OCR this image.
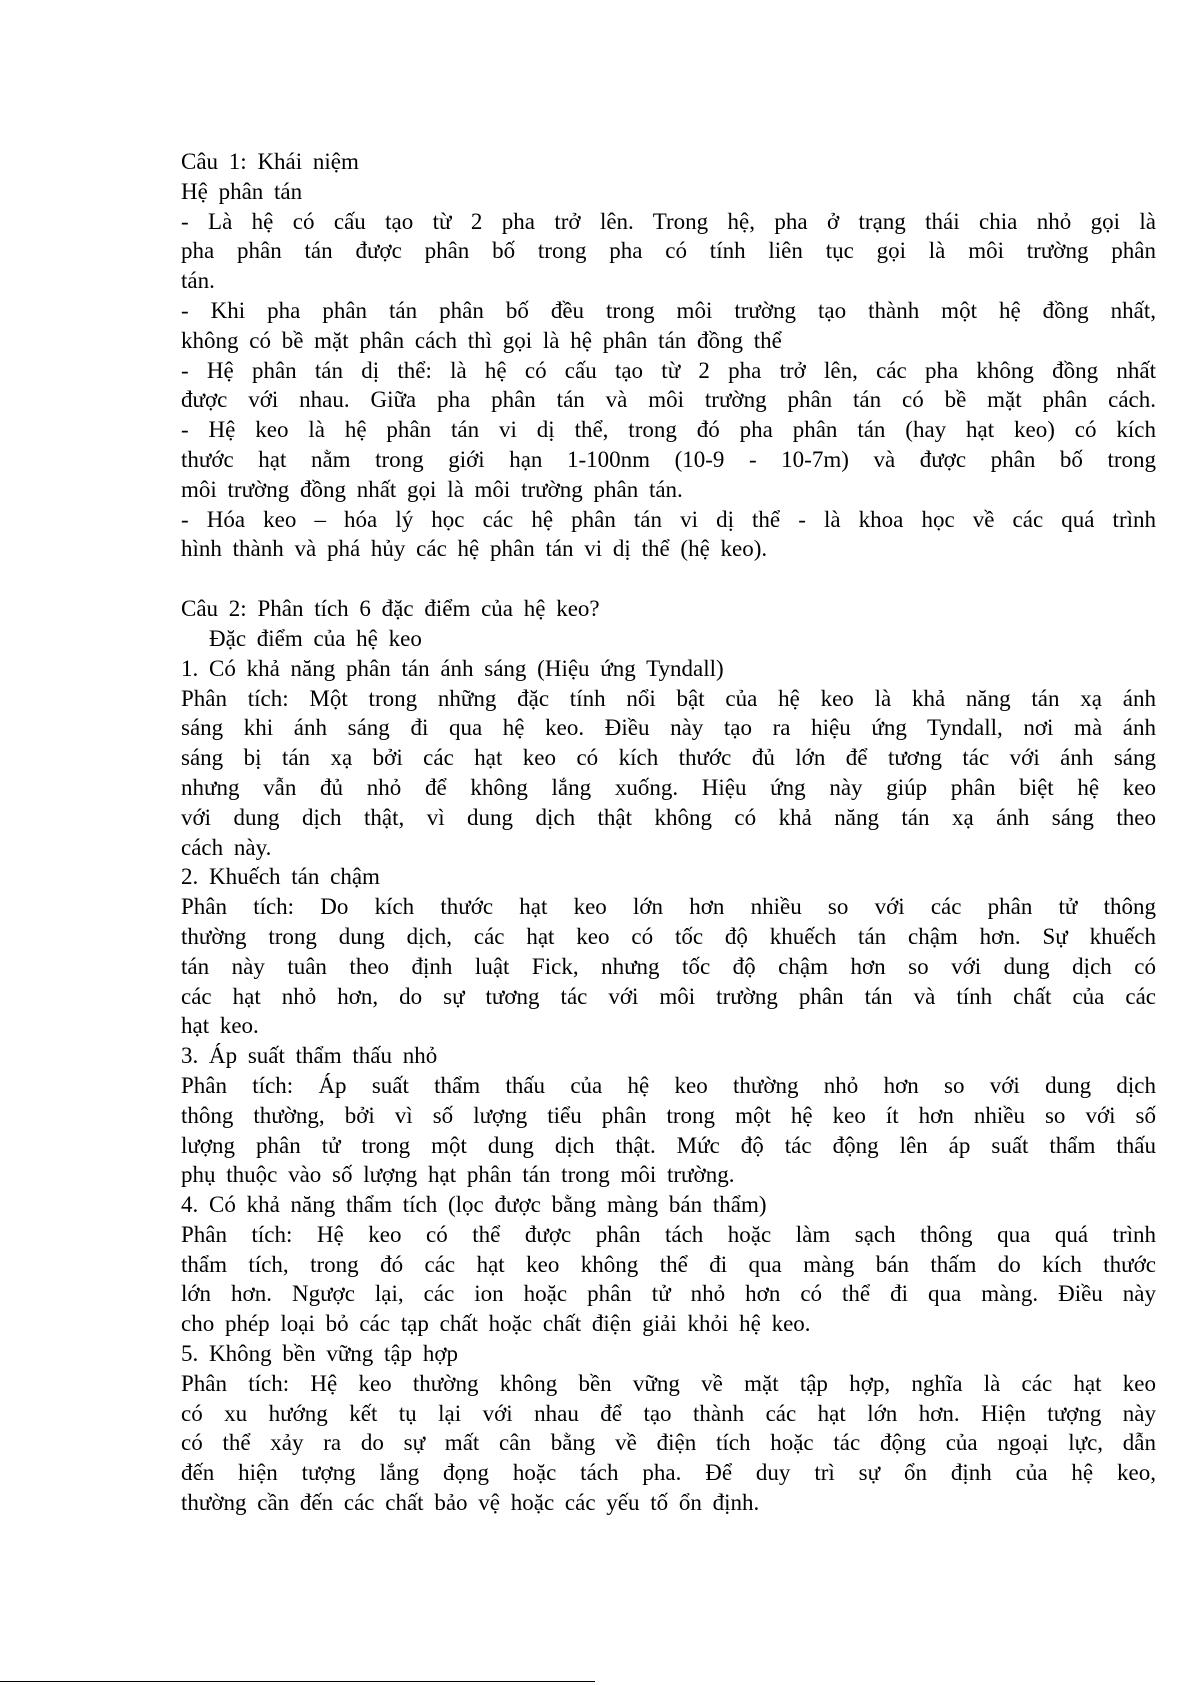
Câu 1: Khái niệm
Hệ phân tán
- Là hệ có cấu tạo từ 2 pha trở lên. Trong hệ, pha ở trạng thái chia nhỏ gọi là
pha phân tán được phân bố trong pha có tính liên tục gọi là môi trường phân
tán.
- Khi pha phân tán phân bố đều trong môi trường tạo thành một hệ đồng nhất,
không có bề mặt phân cách thì gọi là hệ phân tán đồng thể
- Hệ phân tán dị thể: là hệ có cấu tạo từ 2 pha trở lên, các pha không đồng nhất
được với nhau. Giữa pha phân tán và môi trường phân tán có bề mặt phân cách.
- Hệ keo là hệ phân tán vi dị thể, trong đó pha phân tán (hay hạt keo) có kích
thước hạt nằm trong giới hạn 1-100nm (10-9 - 10-7m) và được phân bố trong
môi trường đồng nhất gọi là môi trường phân tán.
- Hóa keo – hóa lý học các hệ phân tán vi dị thể - là khoa học về các quá trình
hình thành và phá hủy các hệ phân tán vi dị thể (hệ keo).
Câu 2: Phân tích 6 đặc điểm của hệ keo?
Đặc điểm của hệ keo
1. Có khả năng phân tán ánh sáng (Hiệu ứng Tyndall)
Phân tích: Một trong những đặc tính nổi bật của hệ keo là khả năng tán xạ ánh
sáng khi ánh sáng đi qua hệ keo. Điều này tạo ra hiệu ứng Tyndall, nơi mà ánh
sáng bị tán xạ bởi các hạt keo có kích thước đủ lớn để tương tác với ánh sáng
nhưng vẫn đủ nhỏ để không lắng xuống. Hiệu ứng này giúp phân biệt hệ keo
với dung dịch thật, vì dung dịch thật không có khả năng tán xạ ánh sáng theo
cách này.
2. Khuếch tán chậm
Phân tích: Do kích thước hạt keo lớn hơn nhiều so với các phân tử thông
thường trong dung dịch, các hạt keo có tốc độ khuếch tán chậm hơn. Sự khuếch
tán này tuân theo định luật Fick, nhưng tốc độ chậm hơn so với dung dịch có
các hạt nhỏ hơn, do sự tương tác với môi trường phân tán và tính chất của các
hạt keo.
3. Áp suất thẩm thấu nhỏ
Phân tích: Áp suất thẩm thấu của hệ keo thường nhỏ hơn so với dung dịch
thông thường, bởi vì số lượng tiểu phân trong một hệ keo ít hơn nhiều so với số
lượng phân tử trong một dung dịch thật. Mức độ tác động lên áp suất thẩm thấu
phụ thuộc vào số lượng hạt phân tán trong môi trường.
4. Có khả năng thẩm tích (lọc được bằng màng bán thẩm)
Phân tích: Hệ keo có thể được phân tách hoặc làm sạch thông qua quá trình
thẩm tích, trong đó các hạt keo không thể đi qua màng bán thấm do kích thước
lớn hơn. Ngược lại, các ion hoặc phân tử nhỏ hơn có thể đi qua màng. Điều này
cho phép loại bỏ các tạp chất hoặc chất điện giải khỏi hệ keo.
5. Không bền vững tập hợp
Phân tích: Hệ keo thường không bền vững về mặt tập hợp, nghĩa là các hạt keo
có xu hướng kết tụ lại với nhau để tạo thành các hạt lớn hơn. Hiện tượng này
có thể xảy ra do sự mất cân bằng về điện tích hoặc tác động của ngoại lực, dẫn
đến hiện tượng lắng đọng hoặc tách pha. Để duy trì sự ổn định của hệ keo,
thường cần đến các chất bảo vệ hoặc các yếu tố ổn định.
